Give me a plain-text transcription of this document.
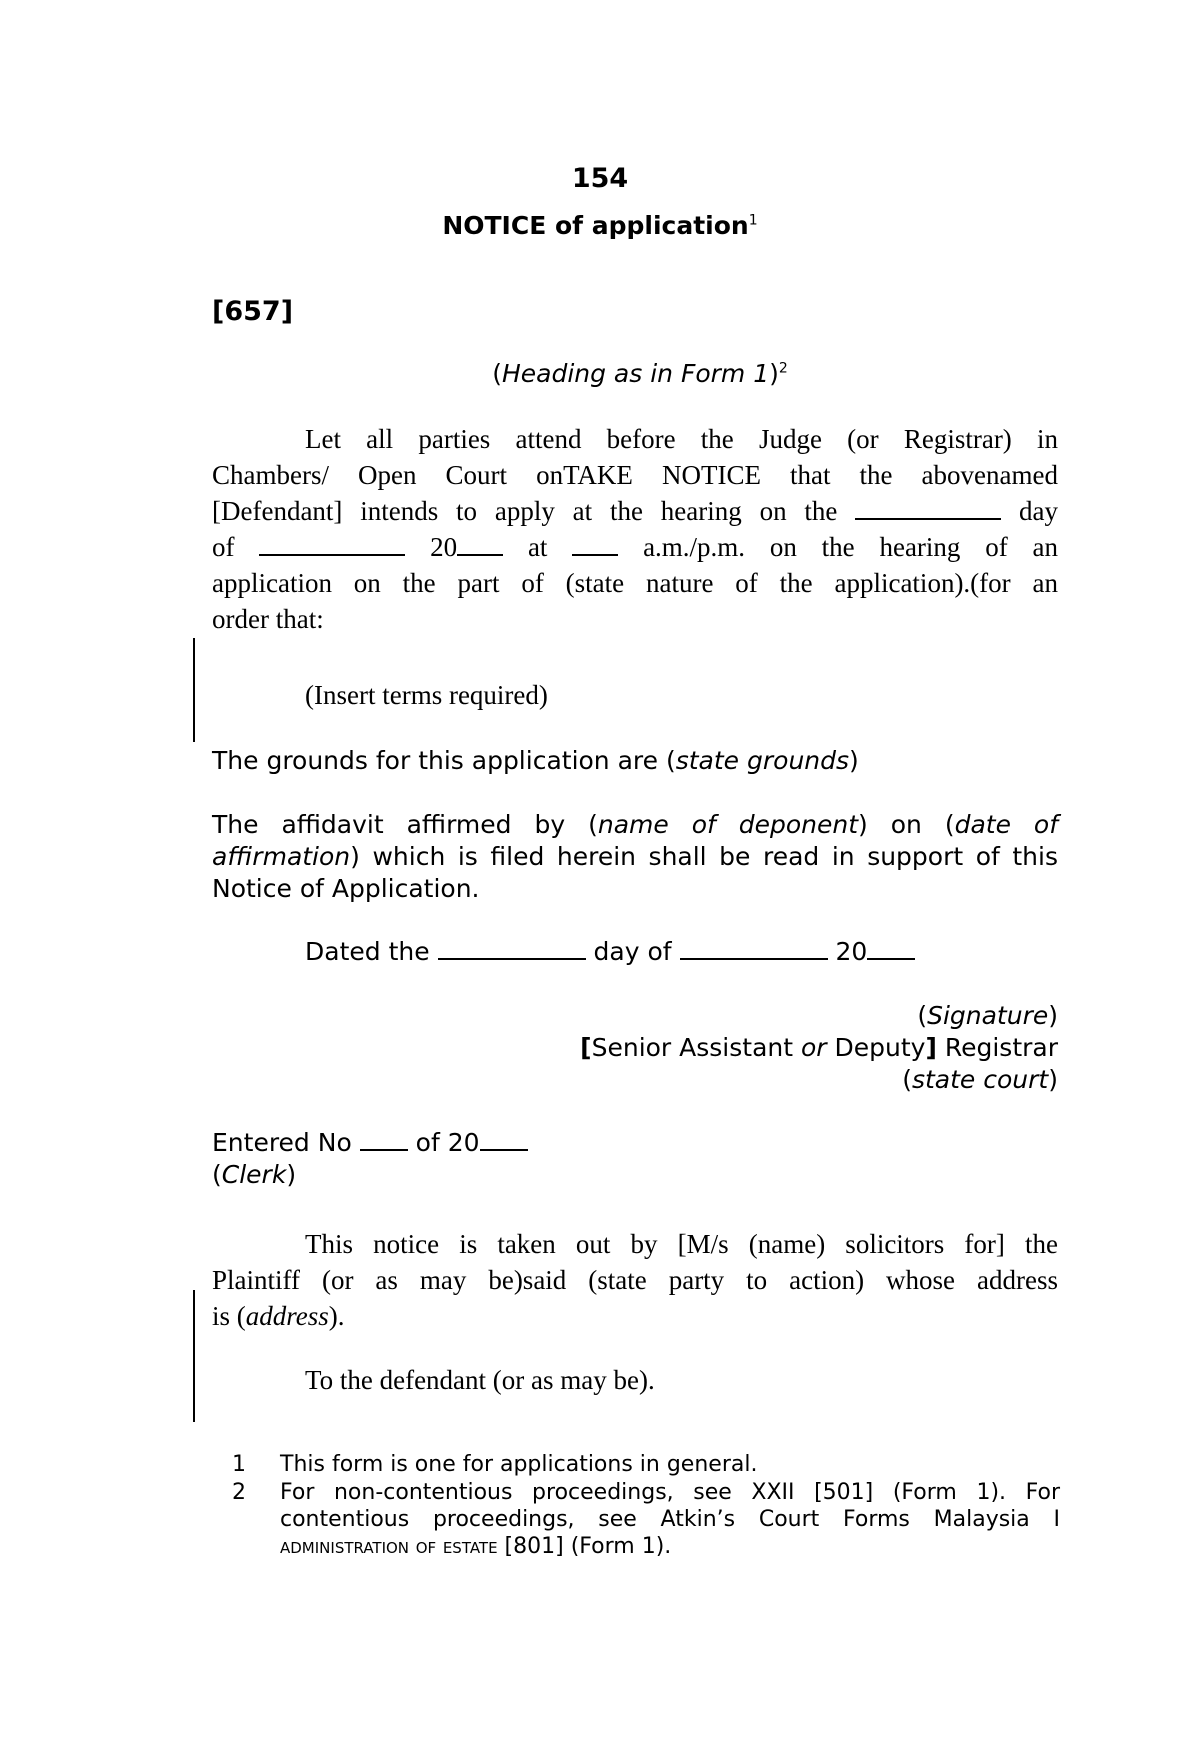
154
NOTICE of application$^1$
[657]
(Heading as in Form 1)$^2$
Let all parties attend before the Judge (or Registrar) in
Chambers/ Open Court onTAKE NOTICE that the abovenamed
[Defendant] intends to apply at the hearing on the	day
of	20	at	a.m./p.m. on the hearing of an
application on the part of (state nature of the application).(for an
order that:
(Insert terms required)
The grounds for this application are (state grounds)
The affidavit affirmed by (name of deponent) on (date of
affirmation) which is filed herein shall be read in support of this
Notice of Application.
Dated the	day of	20
(Signature)
[Senior Assistant or Deputy] Registrar
(state court)
Entered No	of 20
(Clerk)
This notice is taken out by [M/s (name) solicitors for] the
Plaintiff (or as may be)said (state party to action) whose address
is (address).
To the defendant (or as may be).
1 This form is one for applications in general.
2 For non-contentious proceedings, see XXII [501] (Form 1). For
contentious proceedings, see Atkin’s Court Forms Malaysia I
administration of estate [801] (Form 1).
